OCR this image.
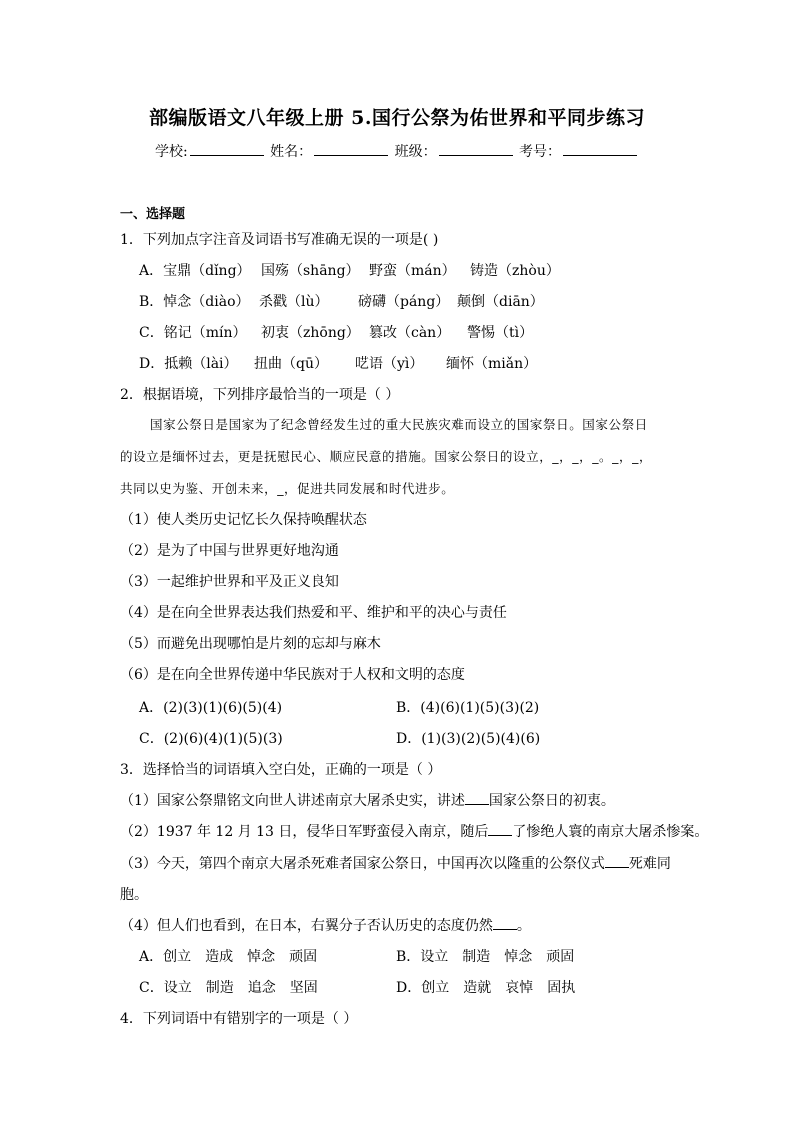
部编版语文八年级上册 5.国行公祭为佑世界和平同步练习
学校:	姓名：	班级：	考号：
一、选择题
1．下列加点字注音及词语书写准确无误的一项是( )
A．宝鼎（dǐng） 国殇（shāng） 野蛮（mán） 铸造（zhòu）
B．悼念（diào） 杀戳（lù） 磅礴（páng） 颠倒（diān）
C．铭记（mín） 初衷（zhōng） 篡改（càn） 警惕（tì）
D．抵赖（lài） 扭曲（qū） 呓语（yì） 缅怀（miǎn）
2．根据语境，下列排序最恰当的一项是（ ）
国家公祭日是国家为了纪念曾经发生过的重大民族灾难而设立的国家祭日。国家公祭日
的设立是缅怀过去，更是抚慰民心、顺应民意的措施。国家公祭日的设立，_，_，_。_，_，
共同以史为鉴、开创未来，_，促进共同发展和时代进步。
（1）使人类历史记忆长久保持唤醒状态
（2）是为了中国与世界更好地沟通
（3）一起维护世界和平及正义良知
（4）是在向全世界表达我们热爱和平、维护和平的决心与责任
（5）而避免出现哪怕是片刻的忘却与麻木
（6）是在向全世界传递中华民族对于人权和文明的态度
A．(2)(3)(1)(6)(5)(4)	B．(4)(6)(1)(5)(3)(2)
C．(2)(6)(4)(1)(5)(3)	D．(1)(3)(2)(5)(4)(6)
3．选择恰当的词语填入空白处，正确的一项是（ ）
（1）国家公祭鼎铭文向世人讲述南京大屠杀史实，讲述 国家公祭日的初衷。
（2）1937 年 12 月 13 日，侵华日军野蛮侵入南京，随后 了惨绝人寰的南京大屠杀惨案。
（3）今天，第四个南京大屠杀死难者国家公祭日，中国再次以隆重的公祭仪式 死难同
胞。
（4）但人们也看到，在日本，右翼分子否认历史的态度仍然 。
A．创立　造成　悼念　顽固	B．设立　制造　悼念　顽固
C．设立　制造　追念　坚固	D．创立　造就　哀悼　固执
4．下列词语中有错别字的一项是（ ）
